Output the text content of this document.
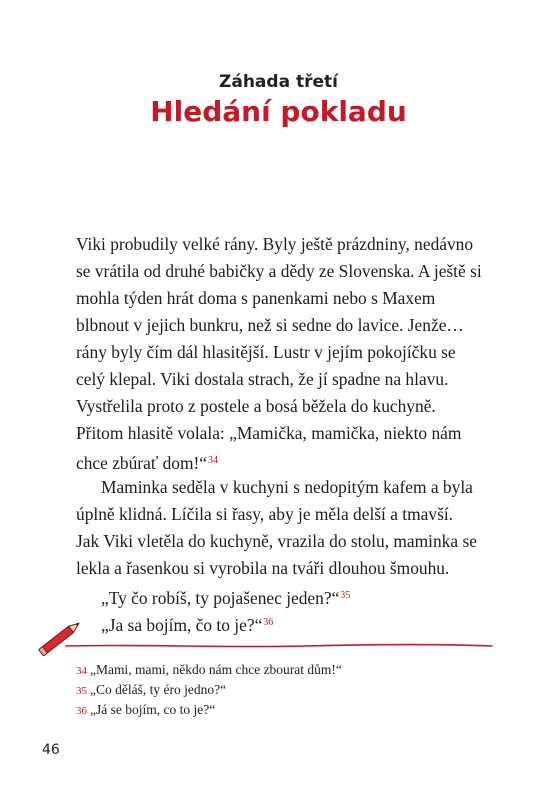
Záhada třetí
Hledání pokladu
Viki probudily velké rány. Byly ještě prázdniny, nedávno
se vrátila od druhé babičky a dědy ze Slovenska. A ještě si
mohla týden hrát doma s panenkami nebo s Maxem
blbnout v jejich bunkru, než si sedne do lavice. Jenže…
rány byly čím dál hlasitější. Lustr v jejím pokojíčku se
celý klepal. Viki dostala strach, že jí spadne na hlavu.
Vystřelila proto z postele a bosá běžela do kuchyně.
Přitom hlasitě volala: „Mamička, mamička, niekto nám
chce zbúrať dom!“$^{34}$
Maminka seděla v kuchyni s nedopitým kafem a byla
úplně klidná. Líčila si řasy, aby je měla delší a tmavší.
Jak Viki vletěla do kuchyně, vrazila do stolu, maminka se
lekla a řasenkou si vyrobila na tváři dlouhou šmouhu.
„Ty čo robíš, ty pojašenec jeden?“$^{35}$
„Ja sa bojím, čo to je?“$^{36}$
34 „Mami, mami, někdo nám chce zbourat dům!“
35 „Co děláš, ty éro jedno?“
36 „Já se bojím, co to je?“
46
